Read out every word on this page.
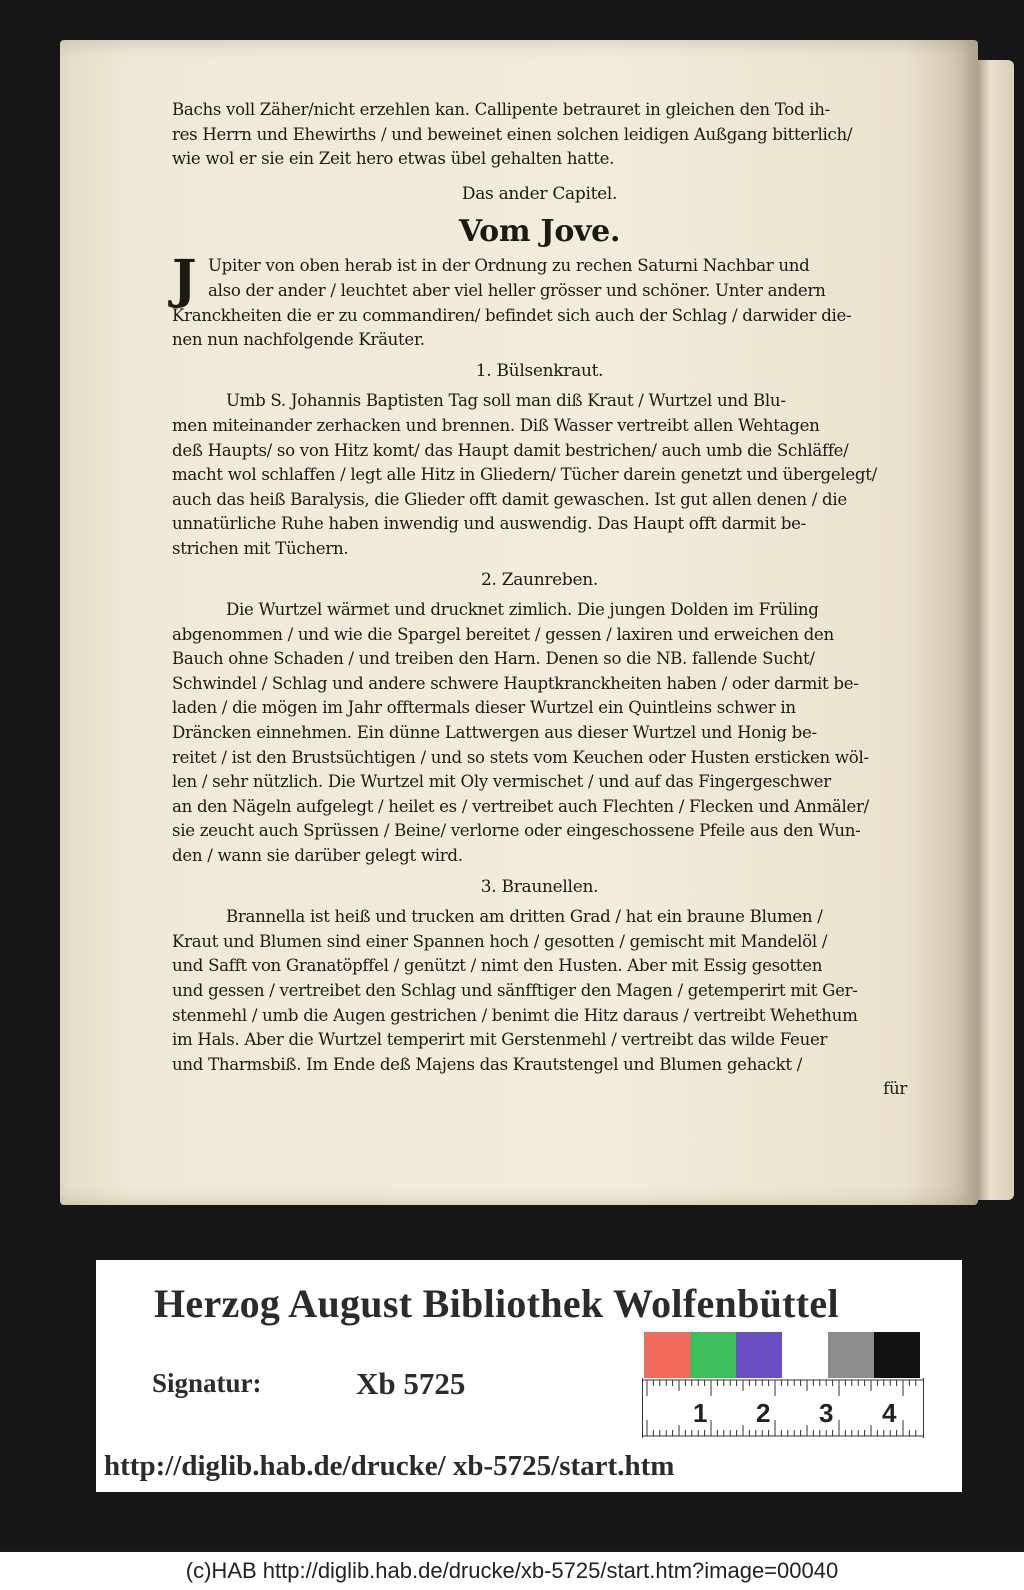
Bachs voll Zäher/nicht erzehlen kan. Callipente betrauret in gleichen den Tod ih-
res Herrn und Ehewirths / und beweinet einen solchen leidigen Außgang bitterlich/
wie wol er sie ein Zeit hero etwas übel gehalten hatte.
Das ander Capitel.
Vom Jove.
J Upiter von oben herab ist in der Ordnung zu rechen Saturni Nachbar und
also der ander / leuchtet aber viel heller grösser und schöner. Unter andern
Kranckheiten die er zu commandiren/ befindet sich auch der Schlag / darwider die-
nen nun nachfolgende Kräuter.
1. Bülsenkraut.
Umb S. Johannis Baptisten Tag soll man diß Kraut / Wurtzel und Blu-
men miteinander zerhacken und brennen. Diß Wasser vertreibt allen Wehtagen
deß Haupts/ so von Hitz komt/ das Haupt damit bestrichen/ auch umb die Schläffe/
macht wol schlaffen / legt alle Hitz in Gliedern/ Tücher darein genetzt und übergelegt/
auch das heiß Baralysis, die Glieder offt damit gewaschen. Ist gut allen denen / die
unnatürliche Ruhe haben inwendig und auswendig. Das Haupt offt darmit be-
strichen mit Tüchern.
2. Zaunreben.
Die Wurtzel wärmet und drucknet zimlich. Die jungen Dolden im Früling
abgenommen / und wie die Spargel bereitet / gessen / laxiren und erweichen den
Bauch ohne Schaden / und treiben den Harn. Denen so die NB. fallende Sucht/
Schwindel / Schlag und andere schwere Hauptkranckheiten haben / oder darmit be-
laden / die mögen im Jahr offtermals dieser Wurtzel ein Quintleins schwer in
Dräncken einnehmen. Ein dünne Lattwergen aus dieser Wurtzel und Honig be-
reitet / ist den Brustsüchtigen / und so stets vom Keuchen oder Husten ersticken wöl-
len / sehr nützlich. Die Wurtzel mit Oly vermischet / und auf das Fingergeschwer
an den Nägeln aufgelegt / heilet es / vertreibet auch Flechten / Flecken und Anmäler/
sie zeucht auch Sprüssen / Beine/ verlorne oder eingeschossene Pfeile aus den Wun-
den / wann sie darüber gelegt wird.
3. Braunellen.
Brannella ist heiß und trucken am dritten Grad / hat ein braune Blumen /
Kraut und Blumen sind einer Spannen hoch / gesotten / gemischt mit Mandelöl /
und Safft von Granatöpffel / genützt / nimt den Husten. Aber mit Essig gesotten
und gessen / vertreibet den Schlag und sänfftiger den Magen / getemperirt mit Ger-
stenmehl / umb die Augen gestrichen / benimt die Hitz daraus / vertreibt Wehethum
im Hals. Aber die Wurtzel temperirt mit Gerstenmehl / vertreibt das wilde Feuer
und Tharmsbiß. Im Ende deß Majens das Krautstengel und Blumen gehackt /
für
Herzog August Bibliothek Wolfenbüttel
Signatur:	Xb 5725
1 2 3 4
http://diglib.hab.de/drucke/ xb-5725/start.htm
(c)HAB http://diglib.hab.de/drucke/xb-5725/start.htm?image=00040
